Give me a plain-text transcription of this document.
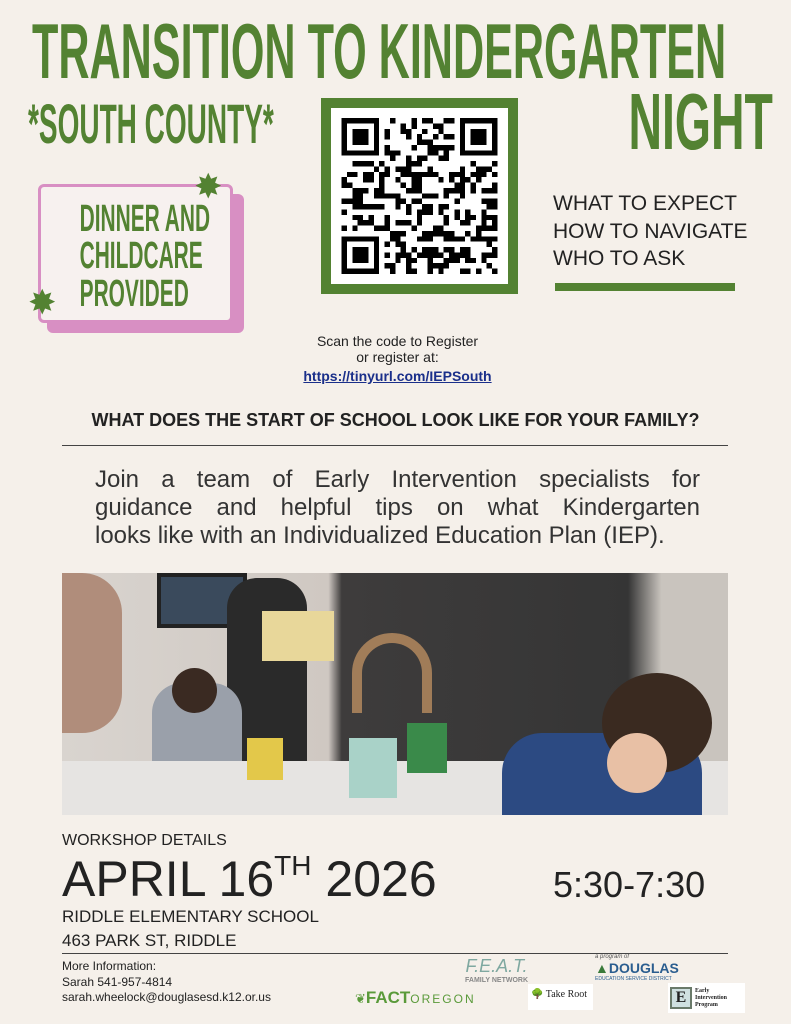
TRANSITION TO KINDERGARTEN
NIGHT
*SOUTH COUNTY*
DINNER AND
CHILDCARE
PROVIDED
✸
✸
WHAT TO EXPECT
HOW TO NAVIGATE
WHO TO ASK
Scan the code to Register
or register at:
https://tinyurl.com/IEPSouth
WHAT DOES THE START OF SCHOOL LOOK LIKE FOR YOUR FAMILY?
Join a team of Early Intervention specialists for
guidance and helpful tips on what Kindergarten
looks like with an Individualized Education Plan (IEP).
WORKSHOP DETAILS
APRIL 16TH 2026	5:30-7:30
RIDDLE ELEMENTARY SCHOOL
463 PARK ST, RIDDLE
More Information:
Sarah 541-957-4814
sarah.wheelock@douglasesd.k12.or.us
F.E.A.T.
FAMILY NETWORK
a program of
▲DOUGLAS
EDUCATION SERVICE DISTRICT
❦FACTOREGON	🌳 Take Root	E	Early
Intervention
Program
